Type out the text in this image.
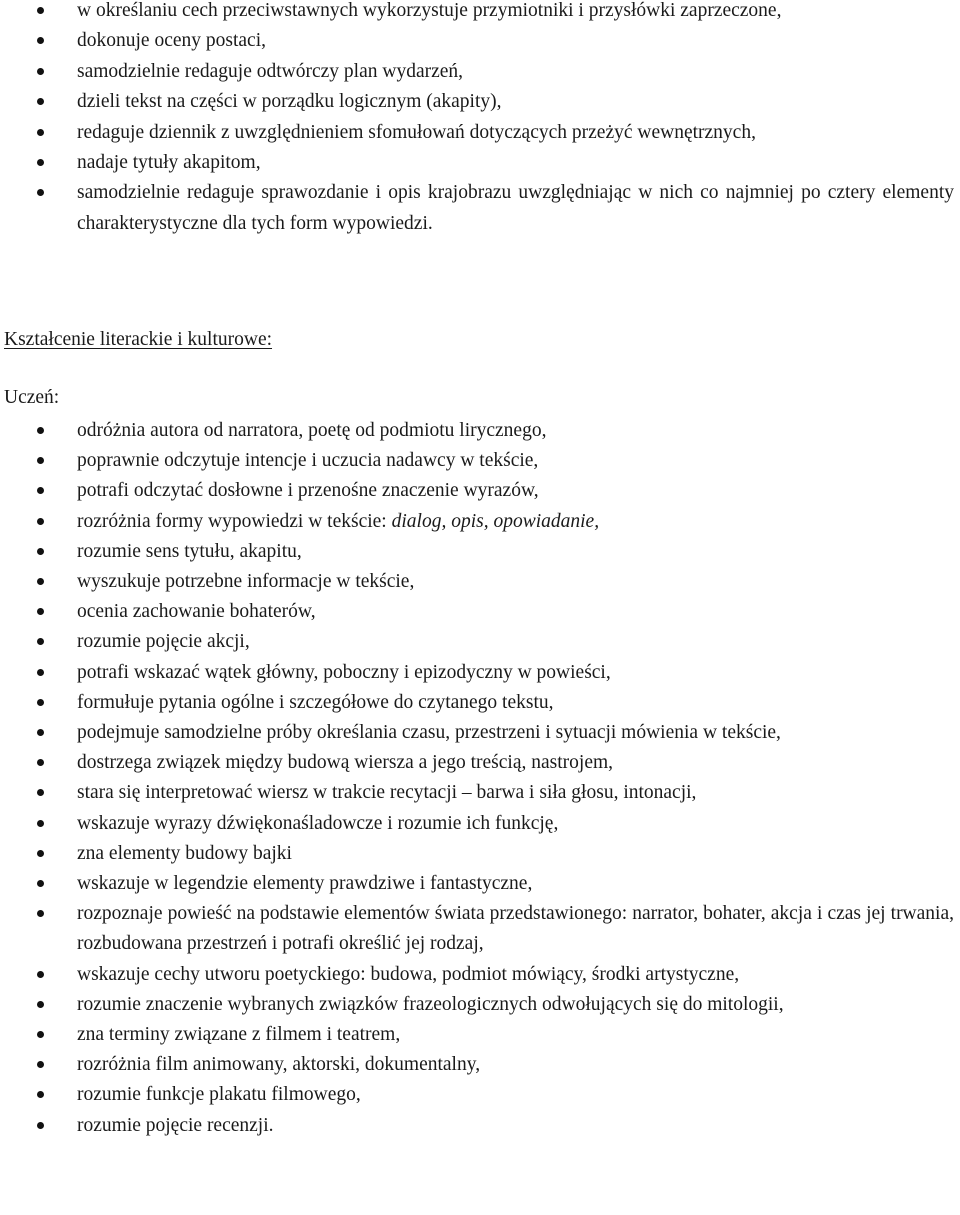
w określaniu cech przeciwstawnych wykorzystuje przymiotniki i przysłówki zaprzeczone,
dokonuje oceny postaci,
samodzielnie redaguje odtwórczy plan wydarzeń,
dzieli tekst na części w porządku logicznym (akapity),
redaguje dziennik z uwzględnieniem sfomułowań dotyczących przeżyć wewnętrznych,
nadaje tytuły akapitom,
samodzielnie redaguje sprawozdanie i opis krajobrazu uwzględniając w nich co najmniej po cztery elementy charakterystyczne dla tych form wypowiedzi.
Kształcenie literackie i kulturowe:
Uczeń:
odróżnia autora od narratora, poetę od podmiotu lirycznego,
poprawnie odczytuje intencje i uczucia nadawcy w tekście,
potrafi odczytać dosłowne i przenośne znaczenie wyrazów,
rozróżnia formy wypowiedzi w tekście: dialog, opis, opowiadanie,
rozumie sens tytułu, akapitu,
wyszukuje potrzebne informacje w tekście,
ocenia zachowanie bohaterów,
rozumie pojęcie akcji,
potrafi wskazać wątek główny, poboczny i epizodyczny w powieści,
formułuje pytania ogólne i szczegółowe do czytanego tekstu,
podejmuje samodzielne próby określania czasu, przestrzeni i sytuacji mówienia w tekście,
dostrzega związek między budową wiersza a jego treścią, nastrojem,
stara się interpretować wiersz w trakcie recytacji – barwa i siła głosu, intonacji,
wskazuje wyrazy dźwiękonaśladowcze i rozumie ich funkcję,
zna elementy budowy bajki
wskazuje w legendzie elementy prawdziwe i fantastyczne,
rozpoznaje powieść na podstawie elementów świata przedstawionego: narrator, bohater, akcja i czas jej trwania, rozbudowana przestrzeń i potrafi określić jej rodzaj,
wskazuje cechy utworu poetyckiego: budowa, podmiot mówiący, środki artystyczne,
rozumie znaczenie wybranych związków frazeologicznych odwołujących się do mitologii,
zna terminy związane z filmem i teatrem,
rozróżnia film animowany, aktorski, dokumentalny,
rozumie funkcje plakatu filmowego,
rozumie pojęcie recenzji.
